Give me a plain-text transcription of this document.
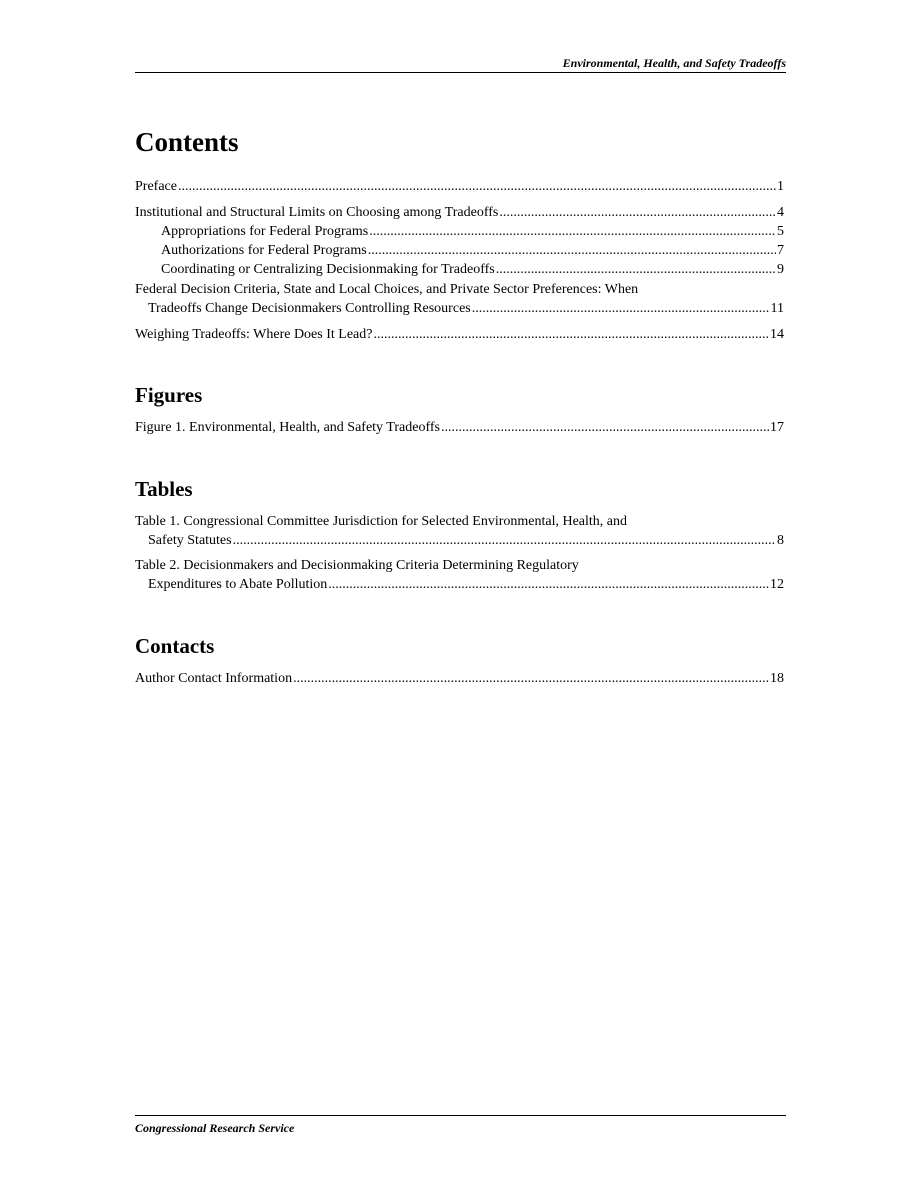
Environmental, Health, and Safety Tradeoffs
Contents
Preface .....	1
Institutional and Structural Limits on Choosing among Tradeoffs .....	4
Appropriations for Federal Programs .....	5
Authorizations for Federal Programs .....	7
Coordinating or Centralizing Decisionmaking for Tradeoffs .....	9
Federal Decision Criteria, State and Local Choices, and Private Sector Preferences: When
Tradeoffs Change Decisionmakers Controlling Resources .....	11
Weighing Tradeoffs: Where Does It Lead? .....	14
Figures
Figure 1. Environmental, Health, and Safety Tradeoffs .....	17
Tables
Table 1. Congressional Committee Jurisdiction for Selected Environmental, Health, and
Safety Statutes .....	8
Table 2. Decisionmakers and Decisionmaking Criteria Determining Regulatory
Expenditures to Abate Pollution .....	12
Contacts
Author Contact Information .....	18
Congressional Research Service
